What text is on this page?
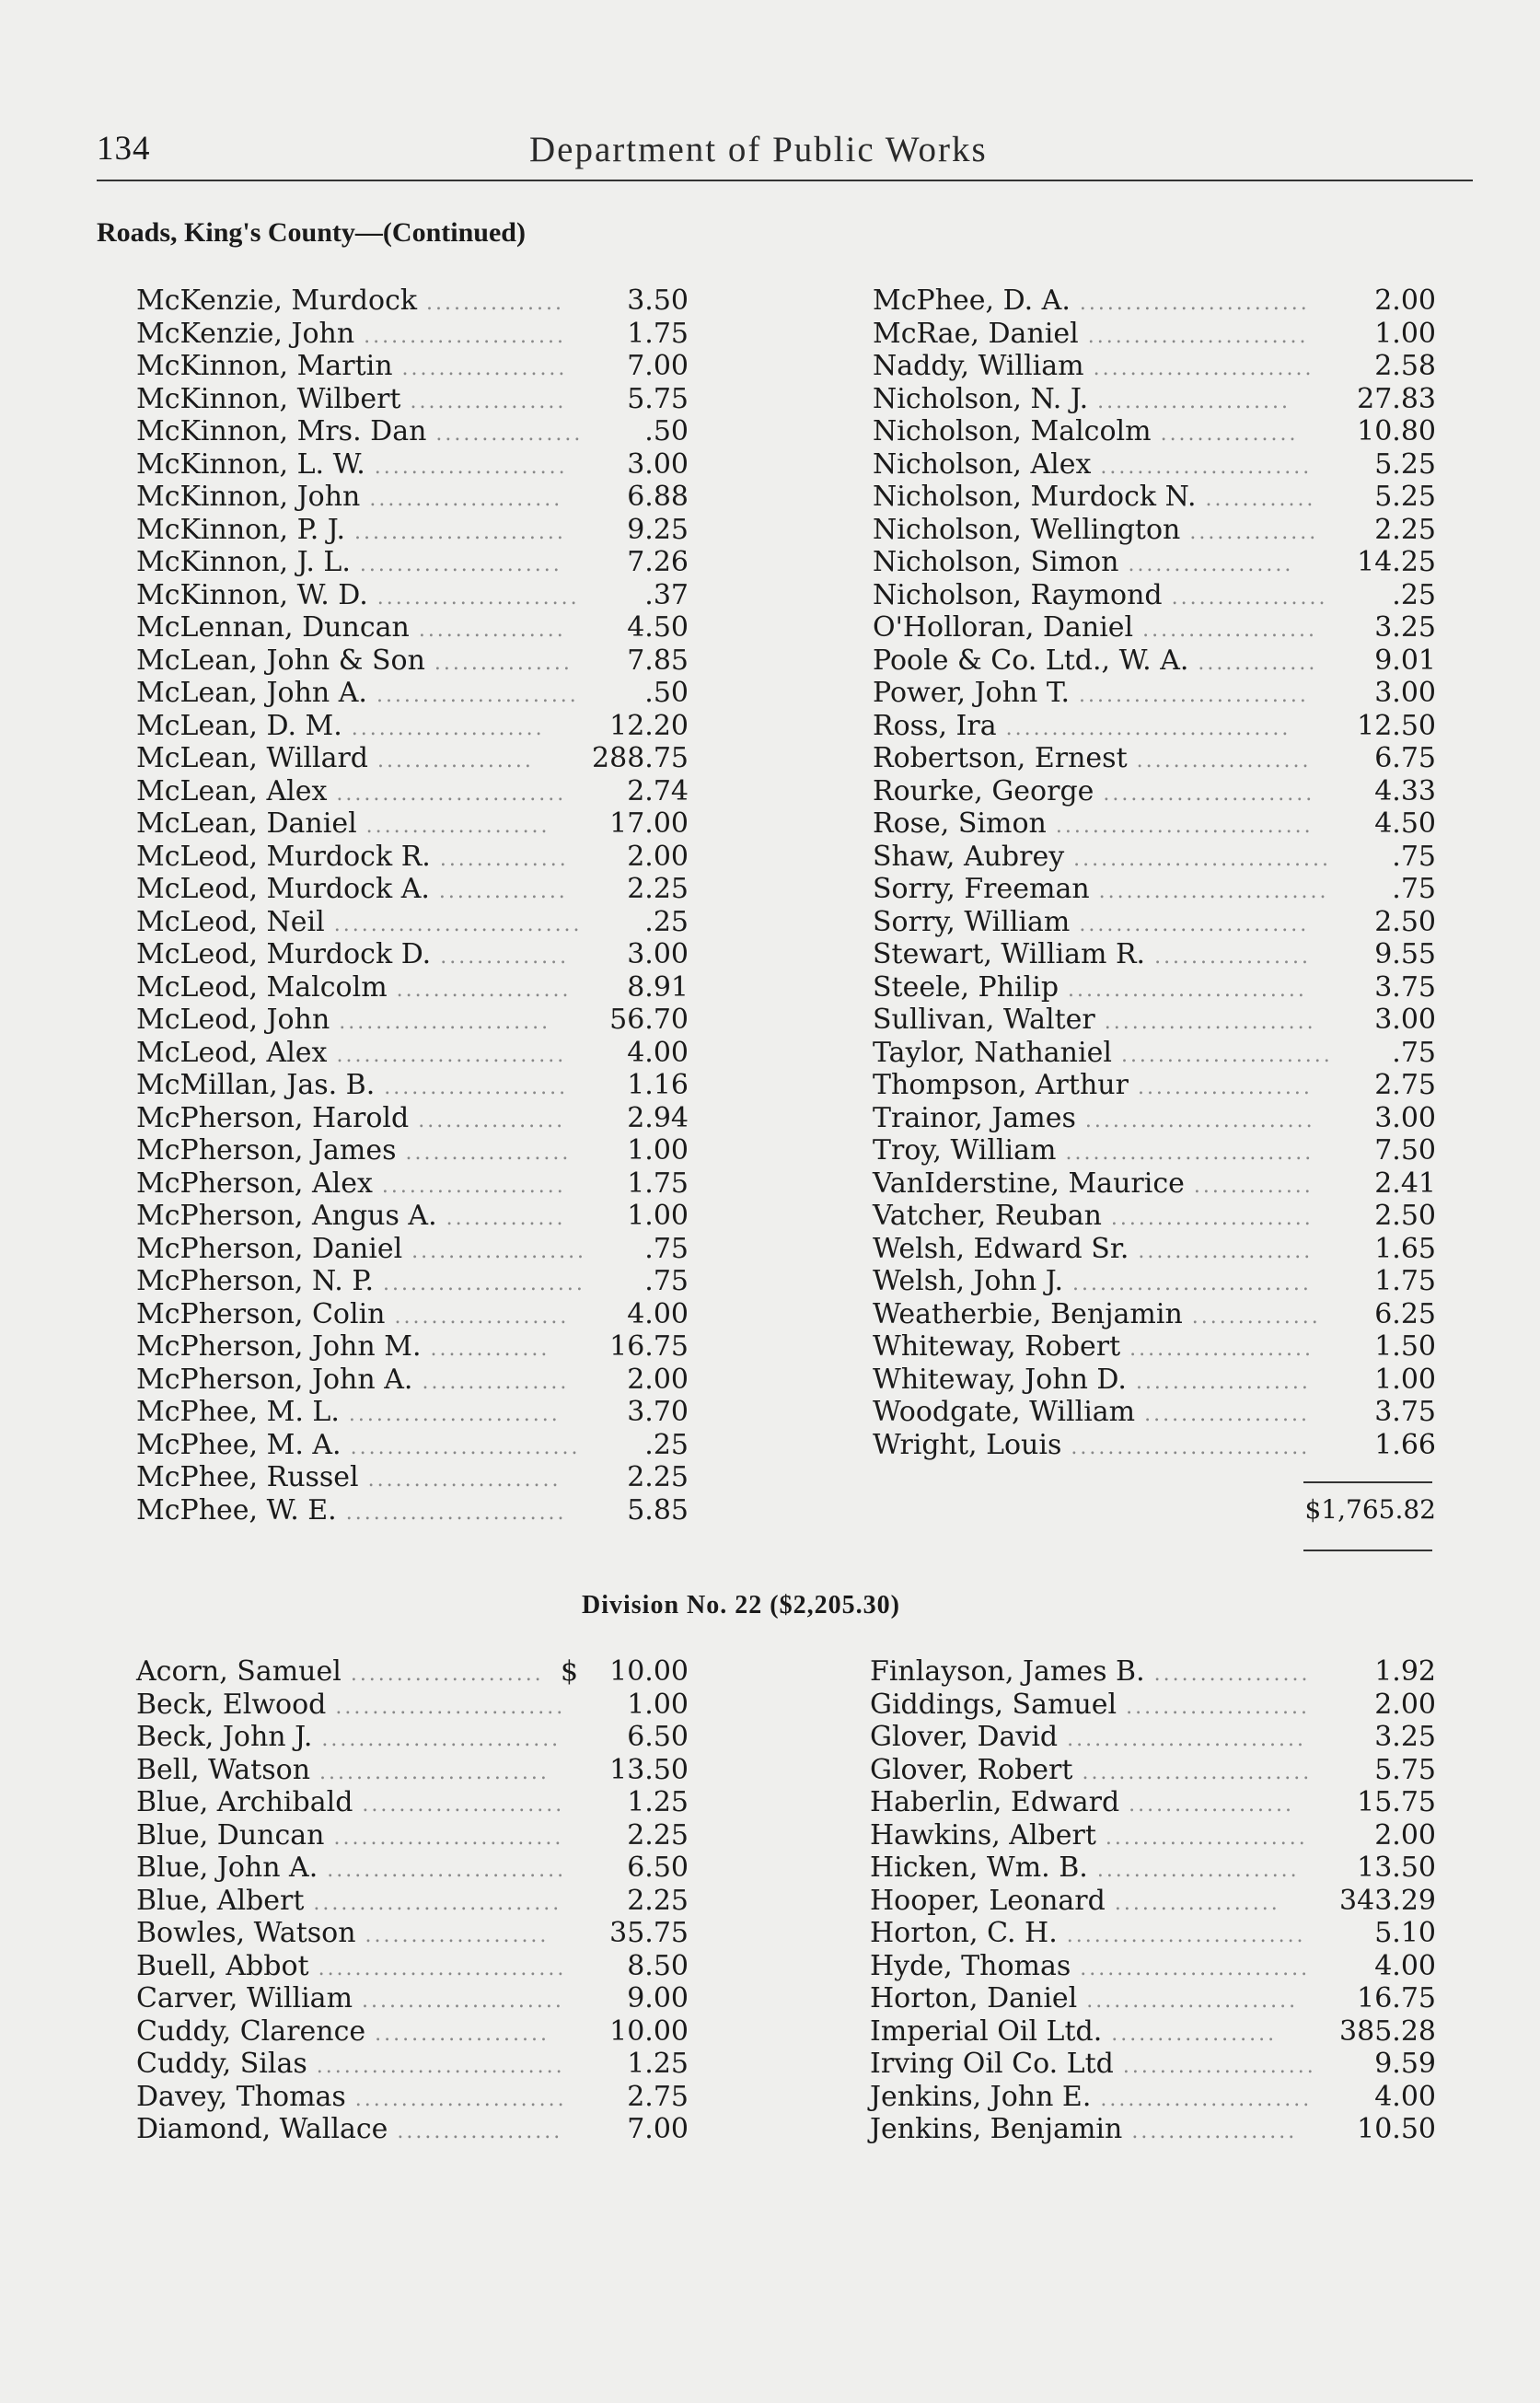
134	Department of Public Works
Roads, King's County—(Continued)
McKenzie, Murdock ............... 3.50
McKenzie, John ...................... 1.75
McKinnon, Martin .................. 7.00
McKinnon, Wilbert ................. 5.75
McKinnon, Mrs. Dan ................ .50
McKinnon, L. W. ..................... 3.00
McKinnon, John ..................... 6.88
McKinnon, P. J. ....................... 9.25
McKinnon, J. L. ...................... 7.26
McKinnon, W. D. ...................... .37
McLennan, Duncan ................ 4.50
McLean, John & Son ............... 7.85
McLean, John A. ...................... .50
McLean, D. M. ..................... 12.20
McLean, Willard ................. 288.75
McLean, Alex ......................... 2.74
McLean, Daniel .................... 17.00
McLeod, Murdock R. .............. 2.00
McLeod, Murdock A. .............. 2.25
McLeod, Neil ........................... .25
McLeod, Murdock D. .............. 3.00
McLeod, Malcolm ................... 8.91
McLeod, John ....................... 56.70
McLeod, Alex ......................... 4.00
McMillan, Jas. B. .................... 1.16
McPherson, Harold ................ 2.94
McPherson, James .................. 1.00
McPherson, Alex .................... 1.75
McPherson, Angus A. ............. 1.00
McPherson, Daniel ................... .75
McPherson, N. P. ...................... .75
McPherson, Colin ................... 4.00
McPherson, John M. ............. 16.75
McPherson, John A. ................ 2.00
McPhee, M. L. ....................... 3.70
McPhee, M. A. ......................... .25
McPhee, Russel ..................... 2.25
McPhee, W. E. ........................ 5.85
McPhee, D. A. ......................... 2.00
McRae, Daniel ........................ 1.00
Naddy, William ........................ 2.58
Nicholson, N. J. ..................... 27.83
Nicholson, Malcolm ............... 10.80
Nicholson, Alex ....................... 5.25
Nicholson, Murdock N. ............ 5.25
Nicholson, Wellington .............. 2.25
Nicholson, Simon .................. 14.25
Nicholson, Raymond ................. .25
O'Holloran, Daniel ................... 3.25
Poole & Co. Ltd., W. A. ............. 9.01
Power, John T. ......................... 3.00
Ross, Ira ............................... 12.50
Robertson, Ernest ................... 6.75
Rourke, George ....................... 4.33
Rose, Simon ............................ 4.50
Shaw, Aubrey ............................ .75
Sorry, Freeman ......................... .75
Sorry, William ......................... 2.50
Stewart, William R. ................. 9.55
Steele, Philip .......................... 3.75
Sullivan, Walter ....................... 3.00
Taylor, Nathaniel ....................... .75
Thompson, Arthur ................... 2.75
Trainor, James ......................... 3.00
Troy, William ........................... 7.50
VanIderstine, Maurice ............. 2.41
Vatcher, Reuban ...................... 2.50
Welsh, Edward Sr. ................... 1.65
Welsh, John J. .......................... 1.75
Weatherbie, Benjamin .............. 6.25
Whiteway, Robert .................... 1.50
Whiteway, John D. ................... 1.00
Woodgate, William .................. 3.75
Wright, Louis .......................... 1.66
$1,765.82
Division No. 22 ($2,205.30)
Acorn, Samuel ..................... 10.00
$
Beck, Elwood ......................... 1.00
Beck, John J. .......................... 6.50
Bell, Watson ......................... 13.50
Blue, Archibald ...................... 1.25
Blue, Duncan ......................... 2.25
Blue, John A. .......................... 6.50
Blue, Albert ........................... 2.25
Bowles, Watson .................... 35.75
Buell, Abbot ........................... 8.50
Carver, William ...................... 9.00
Cuddy, Clarence ................... 10.00
Cuddy, Silas ........................... 1.25
Davey, Thomas ....................... 2.75
Diamond, Wallace .................. 7.00
Finlayson, James B. ................. 1.92
Giddings, Samuel .................... 2.00
Glover, David .......................... 3.25
Glover, Robert ......................... 5.75
Haberlin, Edward .................. 15.75
Hawkins, Albert ...................... 2.00
Hicken, Wm. B. ...................... 13.50
Hooper, Leonard .................. 343.29
Horton, C. H. .......................... 5.10
Hyde, Thomas ......................... 4.00
Horton, Daniel ....................... 16.75
Imperial Oil Ltd. .................. 385.28
Irving Oil Co. Ltd ..................... 9.59
Jenkins, John E. ....................... 4.00
Jenkins, Benjamin .................. 10.50
